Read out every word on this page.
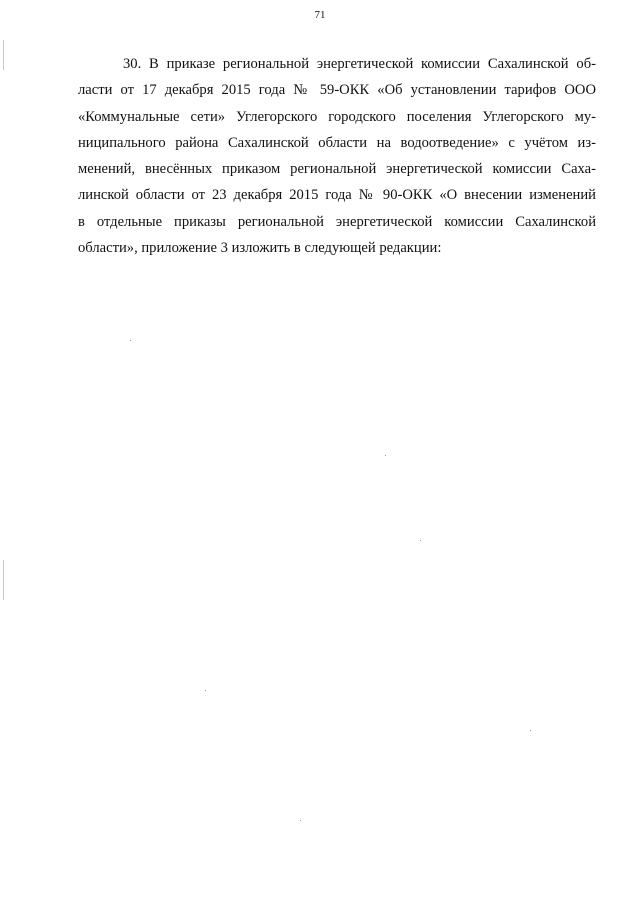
71
30. В приказе региональной энергетической комиссии Сахалинской об-
ласти от 17 декабря 2015 года № 59-ОКК «Об установлении тарифов ООО
«Коммунальные сети» Углегорского городского поселения Углегорского му-
ниципального района Сахалинской области на водоотведение» с учётом из-
менений, внесённых приказом региональной энергетической комиссии Саха-
линской области от 23 декабря 2015 года № 90-ОКК «О внесении изменений
в отдельные приказы региональной энергетической комиссии Сахалинской
области», приложение 3 изложить в следующей редакции:
